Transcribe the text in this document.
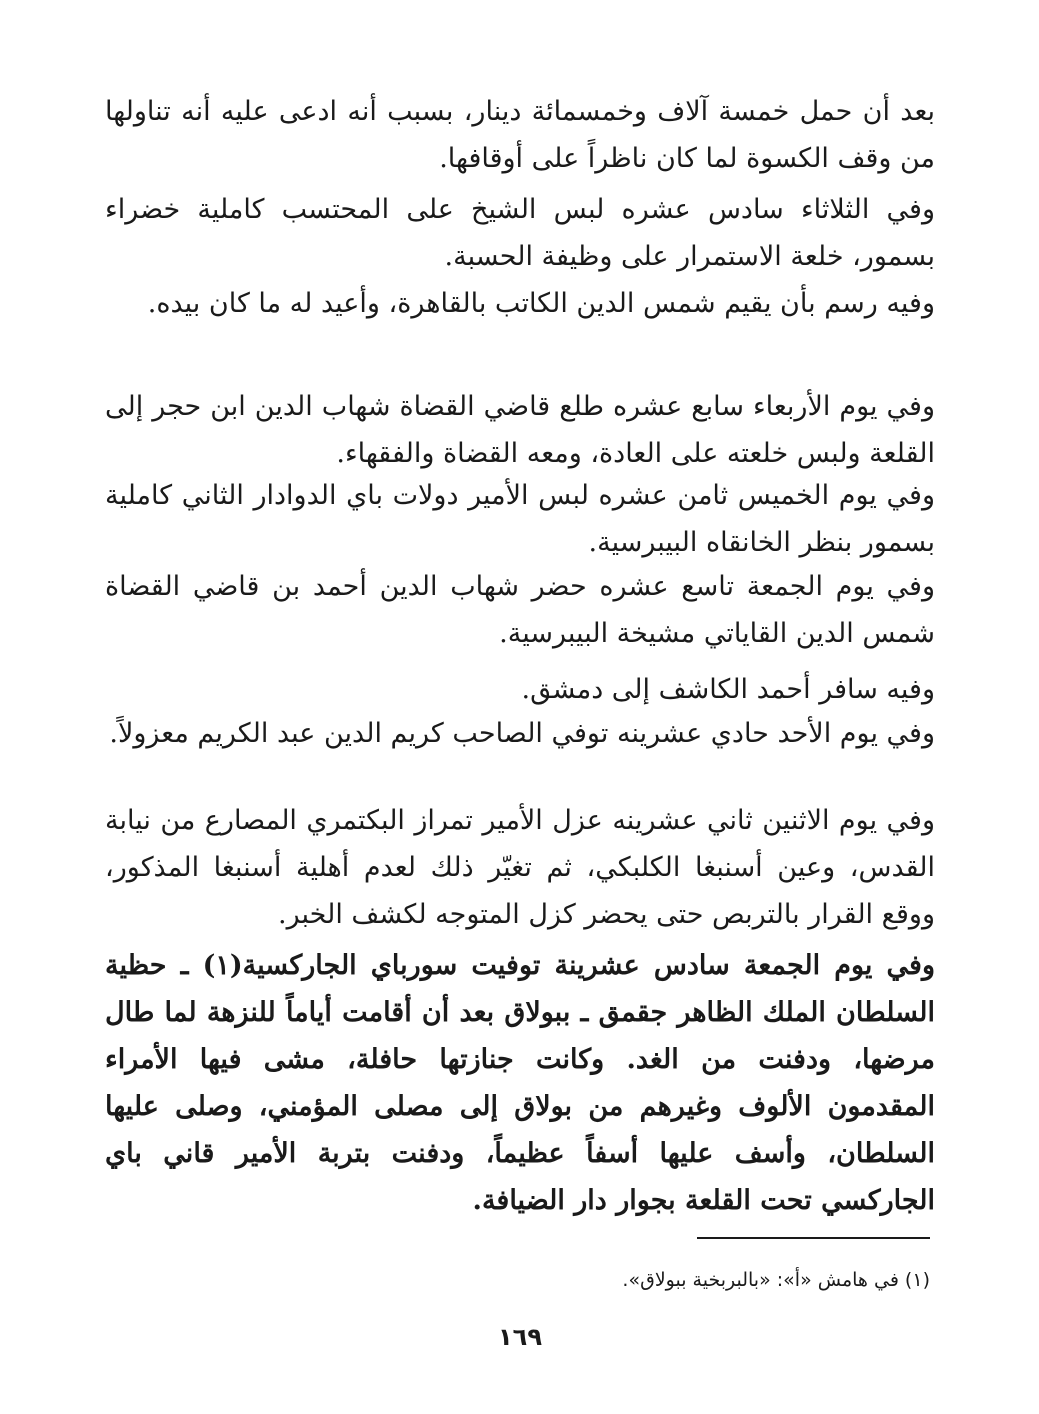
بعد أن حمل خمسة آلاف وخمسمائة دينار، بسبب أنه ادعى عليه أنه تناولها من وقف الكسوة لما كان ناظراً على أوقافها.

وفي الثلاثاء سادس عشره لبس الشيخ على المحتسب كاملية خضراء بسمور، خلعة الاستمرار على وظيفة الحسبة.

وفيه رسم بأن يقيم شمس الدين الكاتب بالقاهرة، وأعيد له ما كان بيده.

وفي يوم الأربعاء سابع عشره طلع قاضي القضاة شهاب الدين ابن حجر إلى القلعة ولبس خلعته على العادة، ومعه القضاة والفقهاء.

وفي يوم الخميس ثامن عشره لبس الأمير دولات باي الدوادار الثاني كاملية بسمور بنظر الخانقاه البيبرسية.

وفي يوم الجمعة تاسع عشره حضر شهاب الدين أحمد بن قاضي القضاة شمس الدين القاياتي مشيخة البيبرسية.

وفيه سافر أحمد الكاشف إلى دمشق.

وفي يوم الأحد حادي عشرينه توفي الصاحب كريم الدين عبد الكريم معزولاً.

وفي يوم الاثنين ثاني عشرينه عزل الأمير تمراز البكتمري المصارع من نيابة القدس، وعين أسنبغا الكلبكي، ثم تغيّر ذلك لعدم أهلية أسنبغا المذكور، ووقع القرار بالتربص حتى يحضر كزل المتوجه لكشف الخبر.

وفي يوم الجمعة سادس عشرينة توفيت سورباي الجاركسية(١) ـ حظية السلطان الملك الظاهر جقمق ـ ببولاق بعد أن أقامت أياماً للنزهة لما طال مرضها، ودفنت من الغد. وكانت جنازتها حافلة، مشى فيها الأمراء المقدمون الألوف وغيرهم من بولاق إلى مصلى المؤمني، وصلى عليها السلطان، وأسف عليها أسفاً عظيماً، ودفنت بتربة الأمير قاني باي الجاركسي تحت القلعة بجوار دار الضيافة.

(١) في هامش «أ»: «بالبربخية ببولاق».
١٦٩
